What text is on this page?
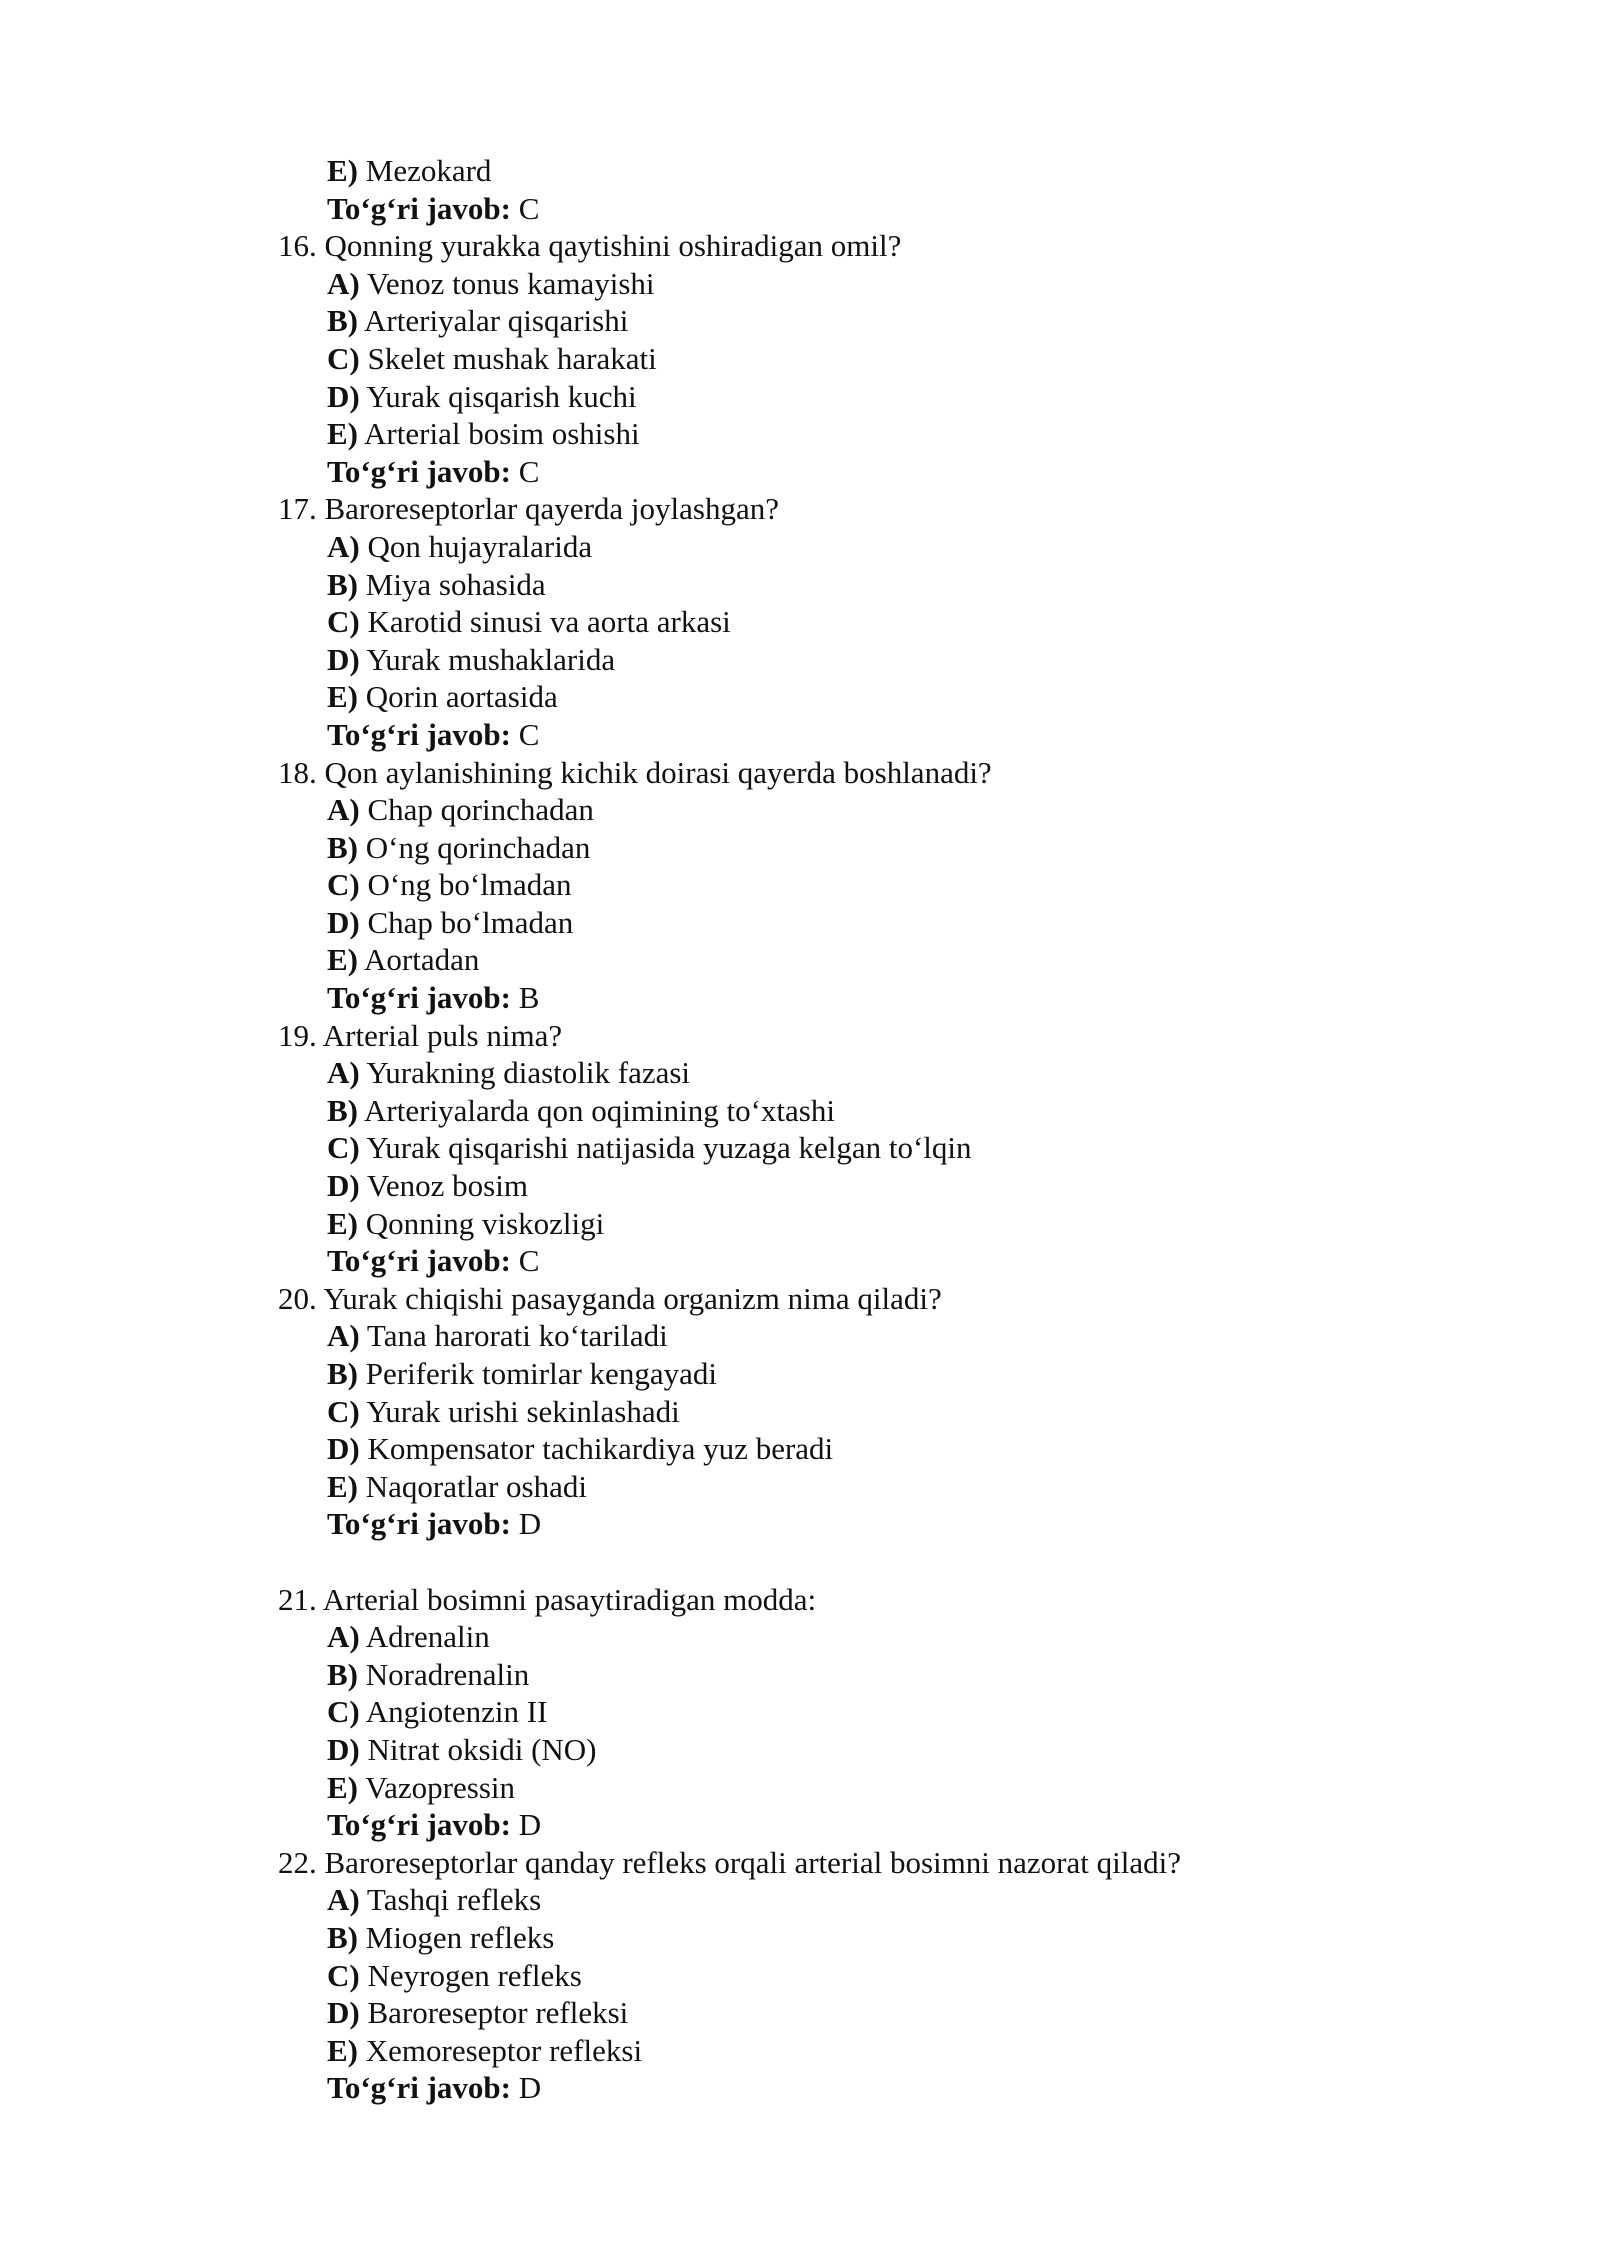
E) Mezokard
To‘g‘ri javob: C
16. Qonning yurakka qaytishini oshiradigan omil?
A) Venoz tonus kamayishi
B) Arteriyalar qisqarishi
C) Skelet mushak harakati
D) Yurak qisqarish kuchi
E) Arterial bosim oshishi
To‘g‘ri javob: C
17. Baroreseptorlar qayerda joylashgan?
A) Qon hujayralarida
B) Miya sohasida
C) Karotid sinusi va aorta arkasi
D) Yurak mushaklarida
E) Qorin aortasida
To‘g‘ri javob: C
18. Qon aylanishining kichik doirasi qayerda boshlanadi?
A) Chap qorinchadan
B) O‘ng qorinchadan
C) O‘ng bo‘lmadan
D) Chap bo‘lmadan
E) Aortadan
To‘g‘ri javob: B
19. Arterial puls nima?
A) Yurakning diastolik fazasi
B) Arteriyalarda qon oqimining to‘xtashi
C) Yurak qisqarishi natijasida yuzaga kelgan to‘lqin
D) Venoz bosim
E) Qonning viskozligi
To‘g‘ri javob: C
20. Yurak chiqishi pasayganda organizm nima qiladi?
A) Tana harorati ko‘tariladi
B) Periferik tomirlar kengayadi
C) Yurak urishi sekinlashadi
D) Kompensator tachikardiya yuz beradi
E) Naqoratlar oshadi
To‘g‘ri javob: D
21. Arterial bosimni pasaytiradigan modda:
A) Adrenalin
B) Noradrenalin
C) Angiotenzin II
D) Nitrat oksidi (NO)
E) Vazopressin
To‘g‘ri javob: D
22. Baroreseptorlar qanday refleks orqali arterial bosimni nazorat qiladi?
A) Tashqi refleks
B) Miogen refleks
C) Neyrogen refleks
D) Baroreseptor refleksi
E) Xemoreseptor refleksi
To‘g‘ri javob: D
